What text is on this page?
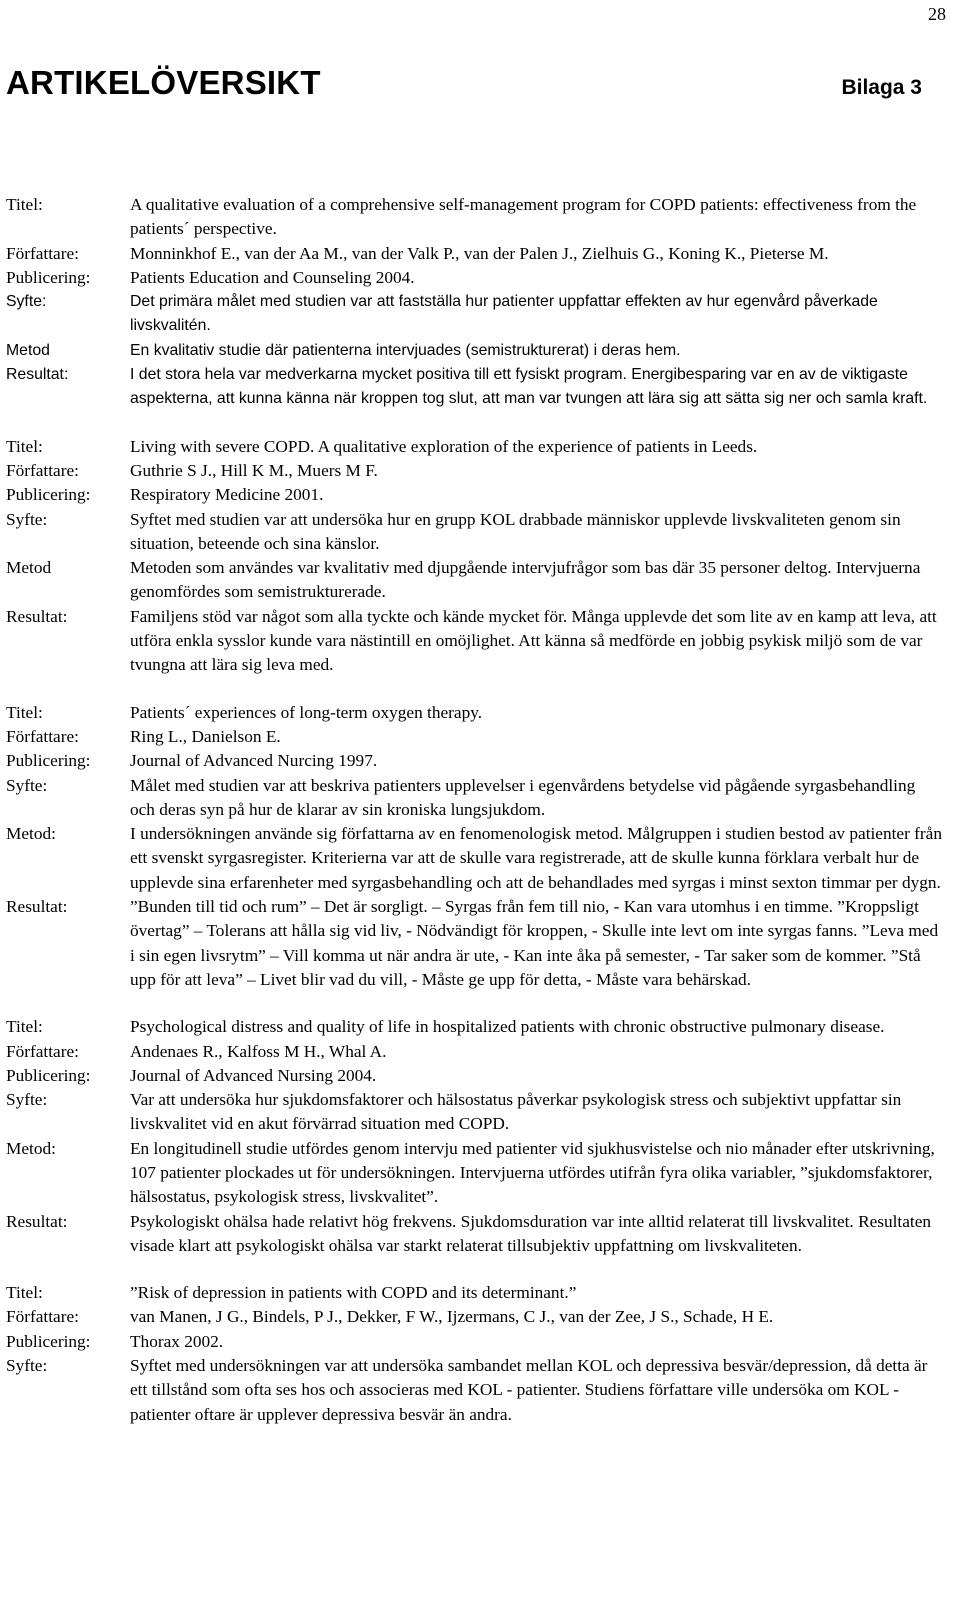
28
ARTIKELÖVERSIKT	Bilaga 3
Titel:	A qualitative evaluation of a comprehensive self-management program for COPD patients: effectiveness from the patients´ perspective.
Författare:	Monninkhof E., van der Aa M., van der Valk P., van der Palen J., Zielhuis G., Koning K., Pieterse M.
Publicering:	Patients Education and Counseling 2004.
Syfte:	Det primära målet med studien var att fastställa hur patienter uppfattar effekten av hur egenvård påverkade livskvalitén.
Metod	En kvalitativ studie där patienterna intervjuades (semistrukturerat) i deras hem.
Resultat:	I det stora hela var medverkarna mycket positiva till ett fysiskt program. Energibesparing var en av de viktigaste aspekterna, att kunna känna när kroppen tog slut, att man var tvungen att lära sig att sätta sig ner och samla kraft.
Titel:	Living with severe COPD. A qualitative exploration of the experience of patients in Leeds.
Författare:	Guthrie S J., Hill K M., Muers M F.
Publicering:	Respiratory Medicine 2001.
Syfte:	Syftet med studien var att undersöka hur en grupp KOL drabbade människor upplevde livskvaliteten genom sin situation, beteende och sina känslor.
Metod	Metoden som användes var kvalitativ med djupgående intervjufrågor som bas där 35 personer deltog. Intervjuerna genomfördes som semistrukturerade.
Resultat:	Familjens stöd var något som alla tyckte och kände mycket för. Många upplevde det som lite av en kamp att leva, att utföra enkla sysslor kunde vara nästintill en omöjlighet. Att känna så medförde en jobbig psykisk miljö som de var tvungna att lära sig leva med.
Titel:	Patients´ experiences of long-term oxygen therapy.
Författare:	Ring L., Danielson E.
Publicering:	Journal of Advanced Nurcing 1997.
Syfte:	Målet med studien var att beskriva patienters upplevelser i egenvårdens betydelse vid pågående syrgasbehandling och deras syn på hur de klarar av sin kroniska lungsjukdom.
Metod:	I undersökningen använde sig författarna av en fenomenologisk metod. Målgruppen i studien bestod av patienter från ett svenskt syrgasregister. Kriterierna var att de skulle vara registrerade, att de skulle kunna förklara verbalt hur de upplevde sina erfarenheter med syrgasbehandling och att de behandlades med syrgas i minst sexton timmar per dygn.
Resultat:	”Bunden till tid och rum” – Det är sorgligt. – Syrgas från fem till nio, - Kan vara utomhus i en timme. ”Kroppsligt övertag” – Tolerans att hålla sig vid liv, - Nödvändigt för kroppen, - Skulle inte levt om inte syrgas fanns. ”Leva med i sin egen livsrytm” – Vill komma ut när andra är ute, - Kan inte åka på semester, - Tar saker som de kommer. ”Stå upp för att leva” – Livet blir vad du vill, - Måste ge upp för detta, - Måste vara behärskad.
Titel:	Psychological distress and quality of life in hospitalized patients with chronic obstructive pulmonary disease.
Författare:	Andenaes R., Kalfoss M H., Whal A.
Publicering:	Journal of Advanced Nursing 2004.
Syfte:	Var att undersöka hur sjukdomsfaktorer och hälsostatus påverkar psykologisk stress och subjektivt uppfattar sin livskvalitet vid en akut förvärrad situation med COPD.
Metod:	En longitudinell studie utfördes genom intervju med patienter vid sjukhusvistelse och nio månader efter utskrivning, 107 patienter plockades ut för undersökningen. Intervjuerna utfördes utifrån fyra olika variabler, ”sjukdomsfaktorer, hälsostatus, psykologisk stress, livskvalitet”.
Resultat:	Psykologiskt ohälsa hade relativt hög frekvens. Sjukdomsduration var inte alltid relaterat till livskvalitet. Resultaten visade klart att psykologiskt ohälsa var starkt relaterat tillsubjektiv uppfattning om livskvaliteten.
Titel:	”Risk of depression in patients with COPD and its determinant.”
Författare:	van Manen, J G., Bindels, P J., Dekker, F W., Ijzermans, C J., van der Zee, J S., Schade, H E.
Publicering:	Thorax 2002.
Syfte:	Syftet med undersökningen var att undersöka sambandet mellan KOL och depressiva besvär/depression, då detta är ett tillstånd som ofta ses hos och associeras med KOL - patienter. Studiens författare ville undersöka om KOL - patienter oftare är upplever depressiva besvär än andra.
